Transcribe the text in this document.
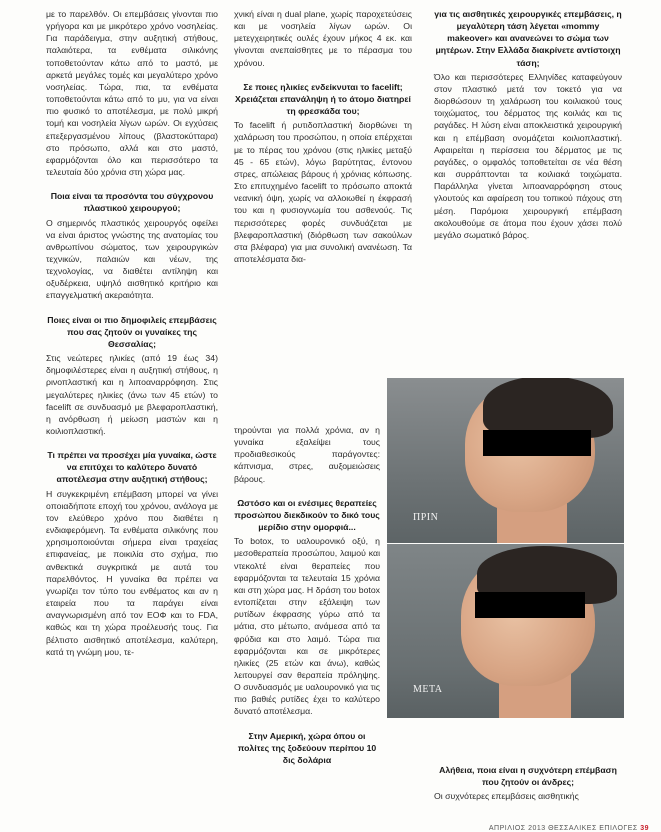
με το παρελθόν. Οι επεμβάσεις γίνονται πιο γρήγορα και με μικρότερο χρόνο νοσηλείας. Για παράδειγμα, στην αυξητική στήθους, παλαιότερα, τα ενθέματα σιλικόνης τοποθετούνταν κάτω από το μαστό, με αρκετά μεγάλες τομές και μεγαλύτερο χρόνο νοσηλείας. Τώρα, πια, τα ενθέματα τοποθετούνται κάτω από το μυ, για να είναι πιο φυσικό το αποτέλεσμα, με πολύ μικρή τομή και νοσηλεία λίγων ωρών. Οι εγχύσεις επεξεργασμένου λίπους (βλαστοκύτταρα) στο πρόσωπο, αλλά και στο μαστό, εφαρμόζονται όλο και περισσότερο τα τελευταία δύο χρόνια στη χώρα μας.

Ποια είναι τα προσόντα του σύγχρονου πλαστικού χειρουργού;

Ο σημερινός πλαστικός χειρουργός οφείλει να είναι άριστος γνώστης της ανατομίας του ανθρωπίνου σώματος, των χειρουργικών τεχνικών, παλαιών και νέων, της τεχνολογίας, να διαθέτει αντίληψη και οξυδέρκεια, υψηλό αισθητικό κριτήριο και επαγγελματική ακεραιότητα.

Ποιες είναι οι πιο δημοφιλείς επεμβάσεις που σας ζητούν οι γυναίκες της Θεσσαλίας;

Στις νεώτερες ηλικίες (από 19 έως 34) δημοφιλέστερες είναι η αυξητική στήθους, η ρινοπλαστική και η λιποαναρρόφηση. Στις μεγαλύτερες ηλικίες (άνω των 45 ετών) το facelift σε συνδυασμό με βλεφαροπλαστική, η ανόρθωση ή μείωση μαστών και η κοιλιοπλαστική.

Τι πρέπει να προσέχει μία γυναίκα, ώστε να επιτύχει το καλύτερο δυνατό αποτέλεσμα στην αυξητική στήθους;

Η συγκεκριμένη επέμβαση μπορεί να γίνει οποιαδήποτε εποχή του χρόνου, ανάλογα με τον ελεύθερο χρόνο που διαθέτει η ενδιαφερόμενη. Τα ενθέματα σιλικόνης που χρησιμοποιούνται σήμερα είναι τραχείας επιφανείας, με ποικιλία στο σχήμα, πιο ανθεκτικά συγκριτικά με αυτά του παρελθόντος. Η γυναίκα θα πρέπει να γνωρίζει τον τύπο του ενθέματος και αν η εταιρεία που τα παράγει είναι αναγνωρισμένη από τον ΕΟΦ και το FDA, καθώς και τη χώρα προέλευσής τους. Για βέλτιστο αισθητικό αποτέλεσμα, καλύτερη, κατά τη γνώμη μου, τε-

χνική είναι η dual plane, χωρίς παροχετεύσεις και με νοσηλεία λίγων ωρών. Οι μετεγχειρητικές ουλές έχουν μήκος 4 εκ. και γίνονται ανεπαίσθητες με το πέρασμα του χρόνου.

Σε ποιες ηλικίες ενδείκνυται το facelift; Χρειάζεται επανάληψη ή το άτομο διατηρεί τη φρεσκάδα του;

Το facelift ή ρυτιδοπλαστική διορθώνει τη χαλάρωση του προσώπου, η οποία επέρχεται με το πέρας του χρόνου (στις ηλικίες μεταξύ 45 - 65 ετών), λόγω βαρύτητας, έντονου στρες, απώλειας βάρους ή χρόνιας κόπωσης. Στο επιτυχημένο facelift το πρόσωπο αποκτά νεανική όψη, χωρίς να αλλοιωθεί η έκφρασή του και η φυσιογνωμία του ασθενούς. Τις περισσότερες φορές συνδυάζεται με βλεφαροπλαστική (διόρθωση των σακούλων στα βλέφαρα) για μια συνολική ανανέωση. Τα αποτελέσματα δια-

τηρούνται για πολλά χρόνια, αν η γυναίκα εξαλείψει τους προδιαθεσικούς παράγοντες: κάπνισμα, στρες, αυξομειώσεις βάρους.

Ωστόσο και οι ενέσιμες θεραπείες προσώπου διεκδικούν το δικό τους μερίδιο στην ομορφιά...

Το botox, το υαλουρονικό οξύ, η μεσοθεραπεία προσώπου, λαιμού και ντεκολτέ είναι θεραπείες που εφαρμόζονται τα τελευταία 15 χρόνια και στη χώρα μας. Η δράση του botox εντοπίζεται στην εξάλειψη των ρυτίδων έκφρασης γύρω από τα μάτια, στο μέτωπο, ανάμεσα από τα φρύδια και στο λαιμό. Τώρα πια εφαρμόζονται και σε μικρότερες ηλικίες (25 ετών και άνω), καθώς λειτουργεί σαν θεραπεία πρόληψης. Ο συνδυασμός με υαλουρονικό για τις πιο βαθιές ρυτίδες έχει το καλύτερο δυνατό αποτέλεσμα.

Στην Αμερική, χώρα όπου οι πολίτες της ξοδεύουν περίπου 10 δις δολάρια

για τις αισθητικές χειρουργικές επεμβάσεις, η μεγαλύτερη τάση λέγεται «mommy makeover» και ανανεώνει το σώμα των μητέρων. Στην Ελλάδα διακρίνετε αντίστοιχη τάση;

Όλο και περισσότερες Ελληνίδες καταφεύγουν στον πλαστικό μετά τον τοκετό για να διορθώσουν τη χαλάρωση του κοιλιακού τους τοιχώματος, του δέρματος της κοιλιάς και τις ραγάδες. Η λύση είναι αποκλειστικά χειρουργική και η επέμβαση ονομάζεται κοιλιοπλαστική. Αφαιρείται η περίσσεια του δέρματος με τις ραγάδες, ο ομφαλός τοποθετείται σε νέα θέση και συρράπτονται τα κοιλιακά τοιχώματα. Παράλληλα γίνεται λιποαναρρόφηση στους γλουτούς και αφαίρεση του τοπικού πάχους στη μέση. Παρόμοια χειρουργική επέμβαση ακολουθούμε σε άτομα που έχουν χάσει πολύ μεγάλο σωματικό βάρος.

ΠΡΙΝ
ΜΕΤΑ

Αλήθεια, ποια είναι η συχνότερη επέμβαση που ζητούν οι άνδρες;

Οι συχνότερες επεμβάσεις αισθητικής

ΑΠΡΙΛΙΟΣ 2013 ΘΕΣΣΑΛΙΚΕΣ ΕΠΙΛΟΓΕΣ 39
